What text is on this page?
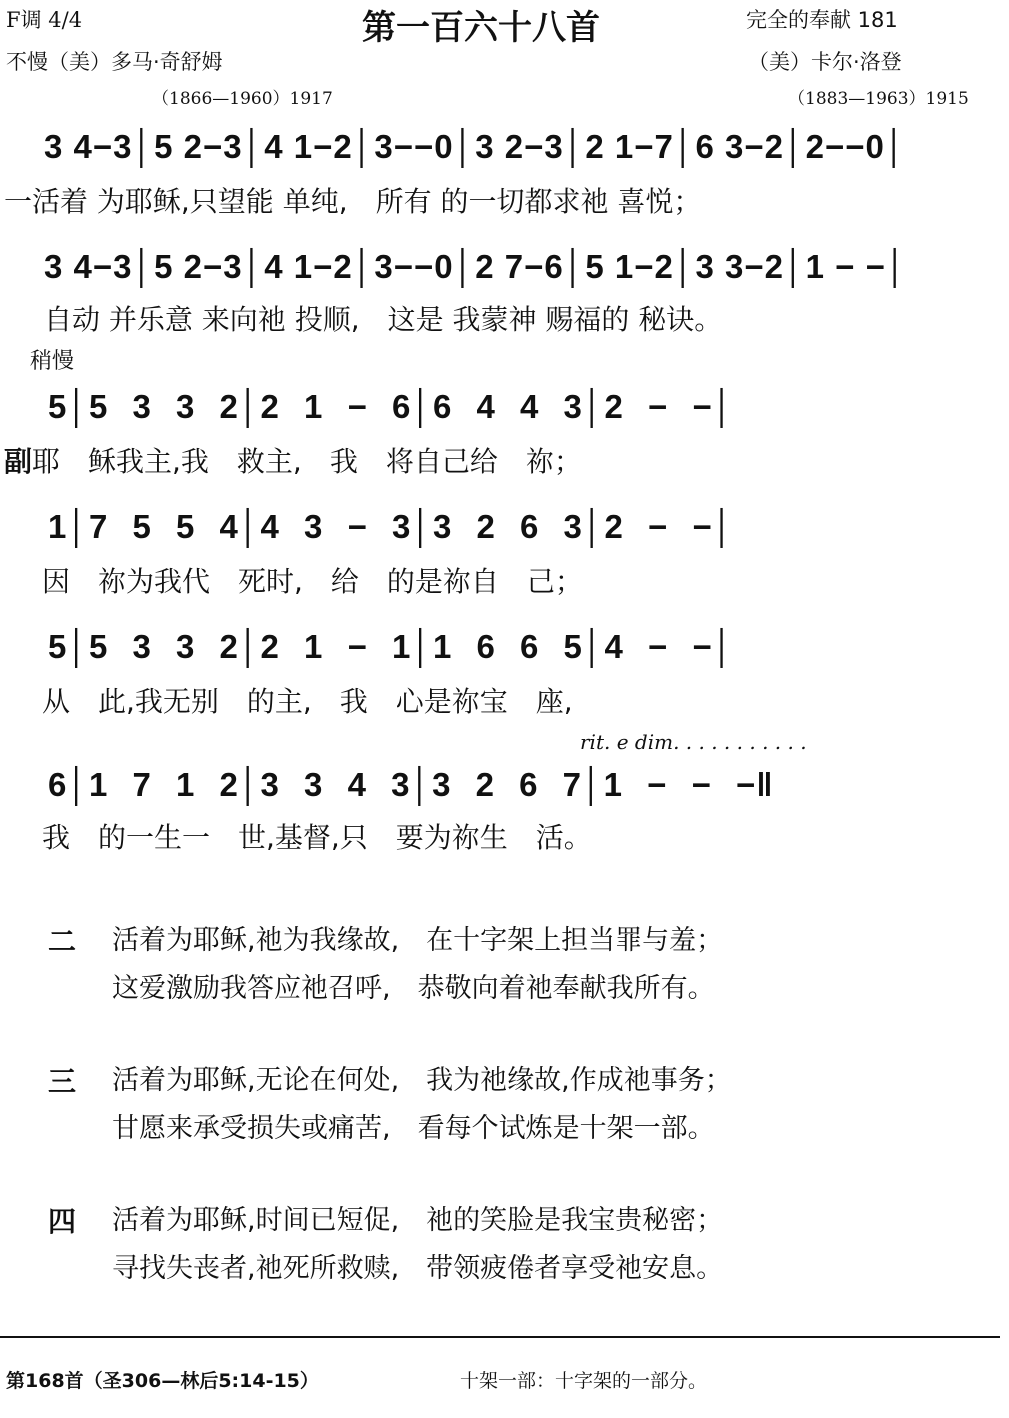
F调 4/4	第一百六十八首	完全的奉献 181
不慢（美）多马·奇舒姆	（美）卡尔·洛登
（1866—1960）1917	（1883—1963）1915
3 4−3│5 2−3│4 1−2│3−−0│3 2−3│2 1−7│6 3−2│2−−0│
一活着 为耶稣,只望能 单纯,　所有 的一切都求祂 喜悦；
3 4−3│5 2−3│4 1−2│3−−0│2 7−6│5 1−2│3 3−2│1 − −│
自动 并乐意 来向祂 投顺,　这是 我蒙神 赐福的 秘诀。
稍慢
5│5 3 3 2│2 1 − 6│6 4 4 3│2 − −│
副耶　稣我主,我　救主,　我　将自己给　祢；
1│7 5 5 4│4 3 − 3│3 2 6 3│2 − −│
因　祢为我代　死时,　给　的是祢自　己；
5│5 3 3 2│2 1 − 1│1 6 6 5│4 − −│
从　此,我无别　的主,　我　心是祢宝　座,
rit. e dim. . . . . . . . . . .
6│1 7 1 2│3 3 4 3│3 2 6 7│1 − − −‖
我　的一生一　世,基督,只　要为祢生　活。
二 活着为耶稣,祂为我缘故,　在十字架上担当罪与羞；
这爱激励我答应祂召呼,　恭敬向着祂奉献我所有。
三 活着为耶稣,无论在何处,　我为祂缘故,作成祂事务；
甘愿来承受损失或痛苦,　看每个试炼是十架一部。
四 活着为耶稣,时间已短促,　祂的笑脸是我宝贵秘密；
寻找失丧者,祂死所救赎,　带领疲倦者享受祂安息。
第168首（圣306—林后5:14-15）	十架一部：十字架的一部分。
